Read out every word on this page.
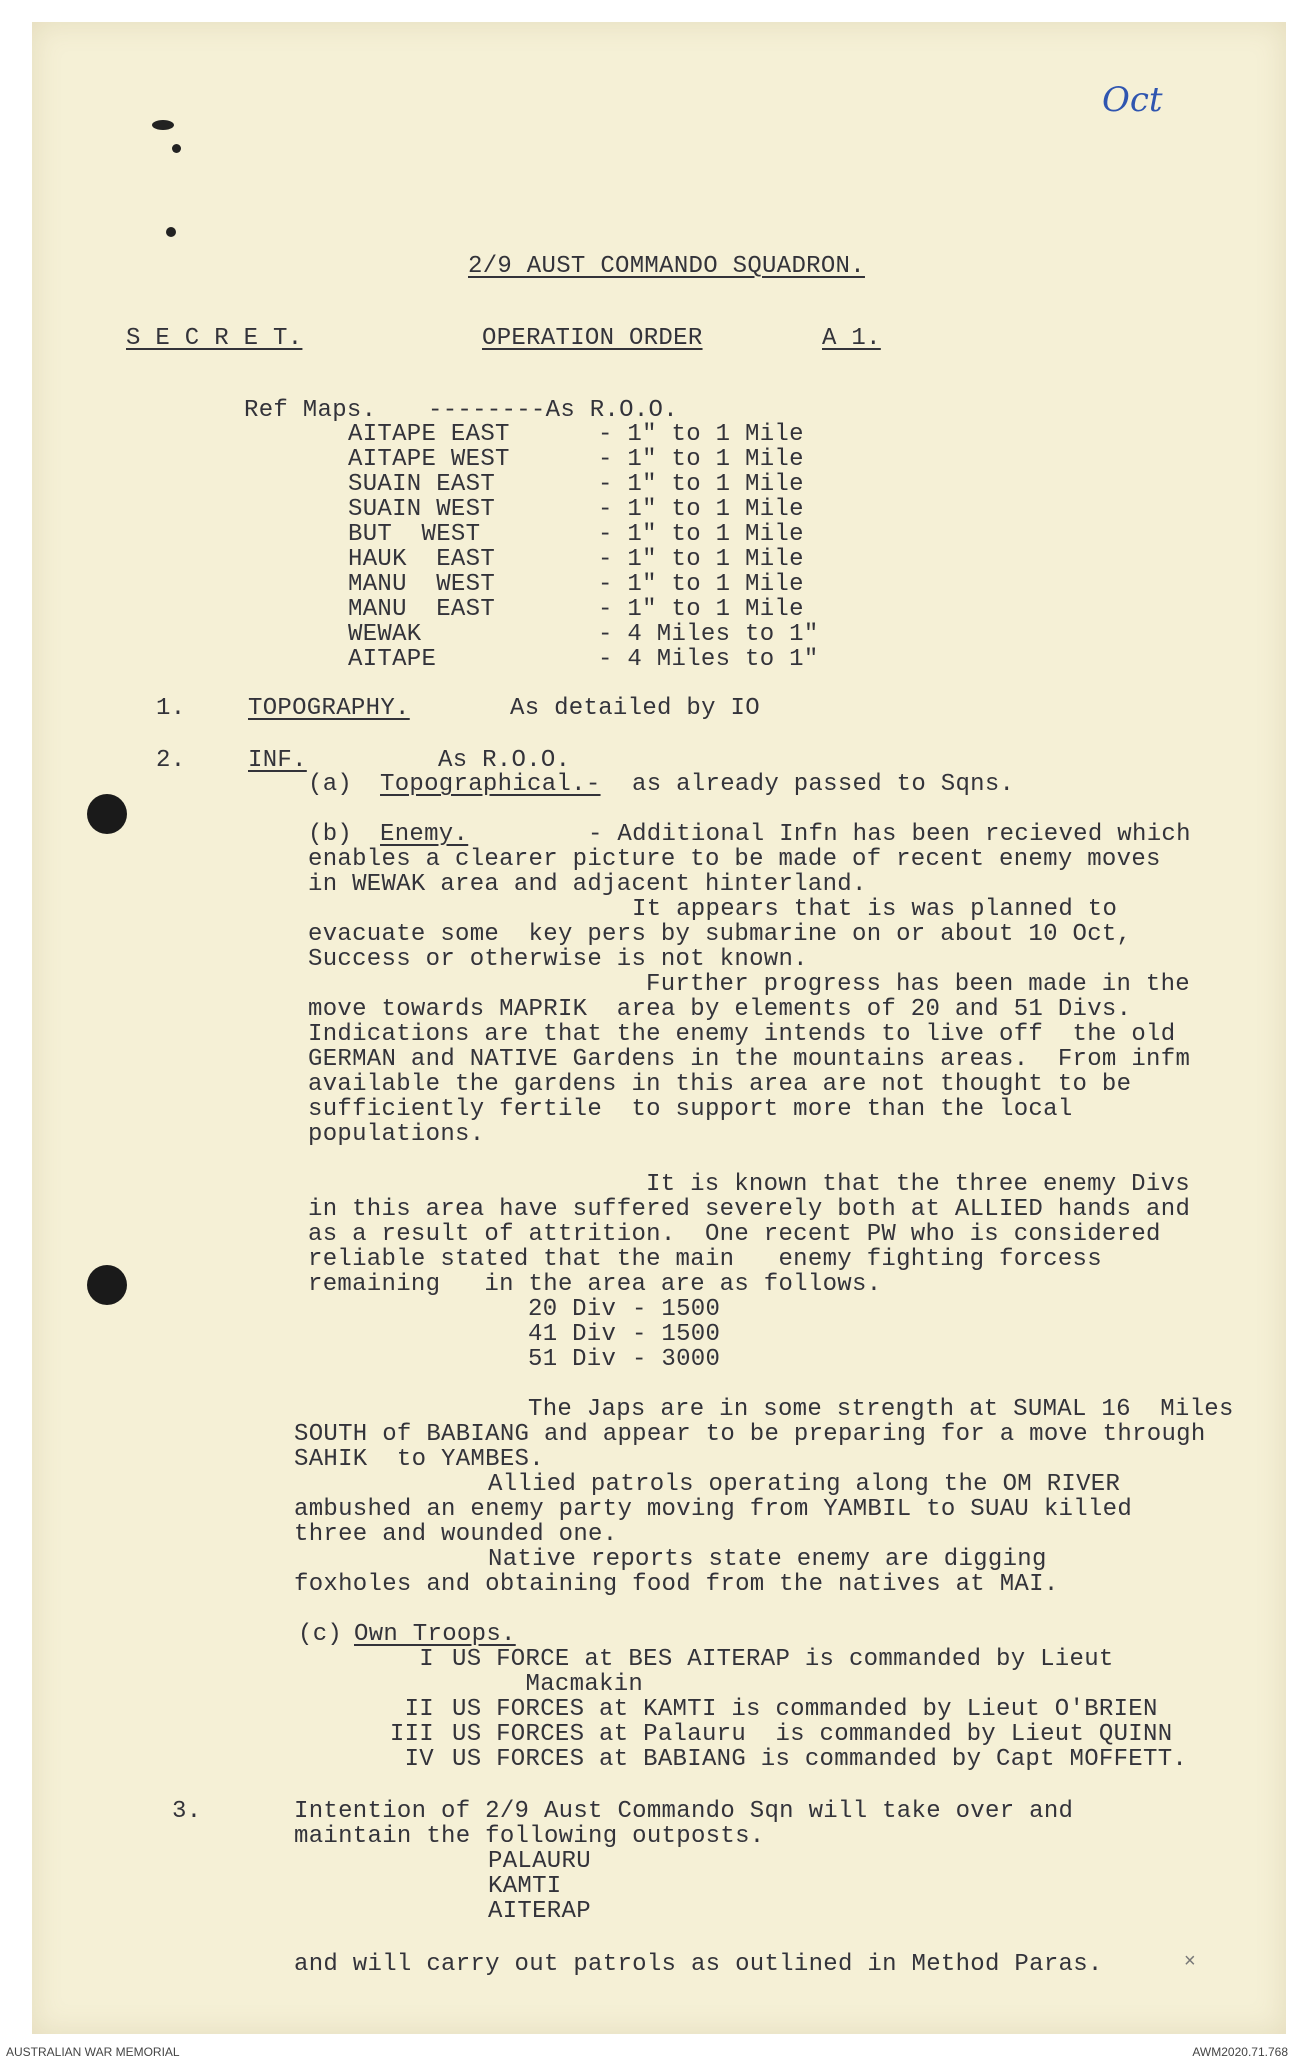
Oct
2/9 AUST COMMANDO SQUADRON.
S E C R E T.	OPERATION ORDER	A 1.
Ref Maps. --------As R.O.O.
AITAPE EAST	- 1" to 1 Mile
AITAPE WEST	- 1" to 1 Mile
SUAIN EAST	- 1" to 1 Mile
SUAIN WEST	- 1" to 1 Mile
BUT  WEST	- 1" to 1 Mile
HAUK  EAST	- 1" to 1 Mile
MANU  WEST	- 1" to 1 Mile
MANU  EAST	- 1" to 1 Mile
WEWAK	- 4 Miles to 1"
AITAPE	- 4 Miles to 1"
1.	TOPOGRAPHY.	As detailed by IO
2.	INF.	As R.O.O.
(a) Topographical.- as already passed to Sqns.
(b) Enemy.	- Additional Infn has been recieved which
enables a clearer picture to be made of recent enemy moves
in WEWAK area and adjacent hinterland.
It appears that is was planned to
evacuate some  key pers by submarine on or about 10 Oct,
Success or otherwise is not known.
Further progress has been made in the
move towards MAPRIK  area by elements of 20 and 51 Divs.
Indications are that the enemy intends to live off  the old
GERMAN and NATIVE Gardens in the mountains areas.  From infm
available the gardens in this area are not thought to be
sufficiently fertile  to support more than the local
populations.
It is known that the three enemy Divs
in this area have suffered severely both at ALLIED hands and
as a result of attrition.  One recent PW who is considered
reliable stated that the main   enemy fighting forcess
remaining   in the area are as follows.
20 Div - 1500
41 Div - 1500
51 Div - 3000
The Japs are in some strength at SUMAL 16  Miles
SOUTH of BABIANG and appear to be preparing for a move through
SAHIK  to YAMBES.
Allied patrols operating along the OM RIVER
ambushed an enemy party moving from YAMBIL to SUAU killed
three and wounded one.
Native reports state enemy are digging
foxholes and obtaining food from the natives at MAI.
(c) Own Troops.
I US FORCE at BES AITERAP is commanded by Lieut
Macmakin
II US FORCES at KAMTI is commanded by Lieut O'BRIEN
III US FORCES at Palauru  is commanded by Lieut QUINN
IV US FORCES at BABIANG is commanded by Capt MOFFETT.
3.	Intention of 2/9 Aust Commando Sqn will take over and
maintain the following outposts.
PALAURU
KAMTI
AITERAP
and will carry out patrols as outlined in Method Paras.	×
AUSTRALIAN WAR MEMORIAL	AWM2020.71.768
